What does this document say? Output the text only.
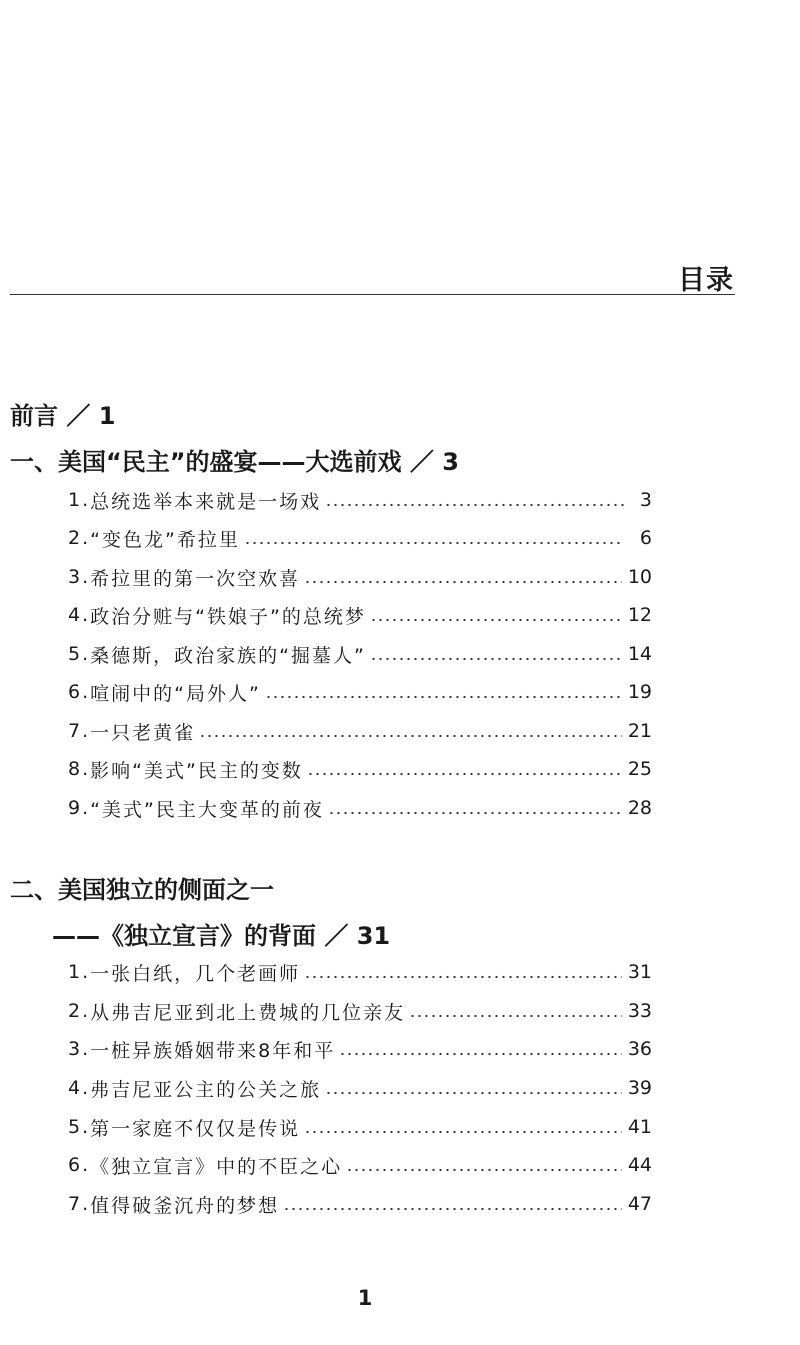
目录
前言 ／ 1
一、美国“民主”的盛宴——大选前戏 ／ 3
1. 总统选举本来就是一场戏	3
2. “变色龙”希拉里	6
3. 希拉里的第一次空欢喜	10
4. 政治分赃与“铁娘子”的总统梦	12
5. 桑德斯，政治家族的“掘墓人”	14
6. 喧闹中的“局外人”	19
7. 一只老黄雀	21
8. 影响“美式”民主的变数	25
9. “美式”民主大变革的前夜	28
二、美国独立的侧面之一
——《独立宣言》的背面 ／ 31
1. 一张白纸，几个老画师	31
2. 从弗吉尼亚到北上费城的几位亲友	33
3. 一桩异族婚姻带来8年和平	36
4. 弗吉尼亚公主的公关之旅	39
5. 第一家庭不仅仅是传说	41
6. 《独立宣言》中的不臣之心	44
7. 值得破釜沉舟的梦想	47
1
